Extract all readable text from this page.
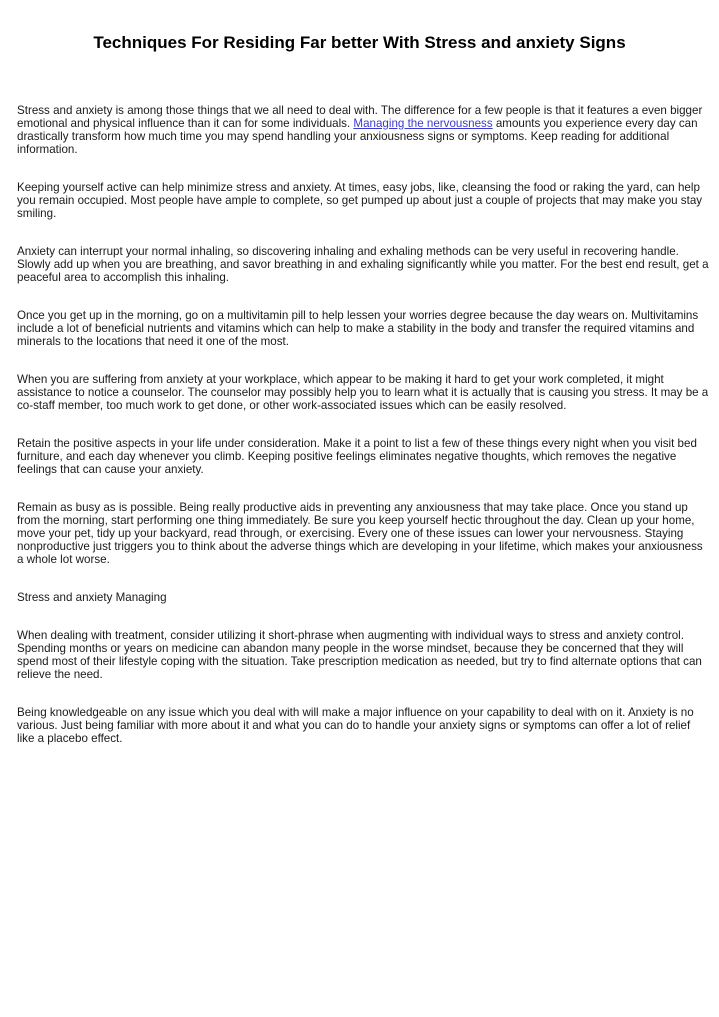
Techniques For Residing Far better With Stress and anxiety Signs

Stress and anxiety is among those things that we all need to deal with. The difference for a few people is that it features a even bigger emotional and physical influence than it can for some individuals. Managing the nervousness amounts you experience every day can drastically transform how much time you may spend handling your anxiousness signs or symptoms. Keep reading for additional information.

Keeping yourself active can help minimize stress and anxiety. At times, easy jobs, like, cleansing the food or raking the yard, can help you remain occupied. Most people have ample to complete, so get pumped up about just a couple of projects that may make you stay smiling.

Anxiety can interrupt your normal inhaling, so discovering inhaling and exhaling methods can be very useful in recovering handle. Slowly add up when you are breathing, and savor breathing in and exhaling significantly while you matter. For the best end result, get a peaceful area to accomplish this inhaling.

Once you get up in the morning, go on a multivitamin pill to help lessen your worries degree because the day wears on. Multivitamins include a lot of beneficial nutrients and vitamins which can help to make a stability in the body and transfer the required vitamins and minerals to the locations that need it one of the most.

When you are suffering from anxiety at your workplace, which appear to be making it hard to get your work completed, it might assistance to notice a counselor. The counselor may possibly help you to learn what it is actually that is causing you stress. It may be a co-staff member, too much work to get done, or other work-associated issues which can be easily resolved.

Retain the positive aspects in your life under consideration. Make it a point to list a few of these things every night when you visit bed furniture, and each day whenever you climb. Keeping positive feelings eliminates negative thoughts, which removes the negative feelings that can cause your anxiety.

Remain as busy as is possible. Being really productive aids in preventing any anxiousness that may take place. Once you stand up from the morning, start performing one thing immediately. Be sure you keep yourself hectic throughout the day. Clean up your home, move your pet, tidy up your backyard, read through, or exercising. Every one of these issues can lower your nervousness. Staying nonproductive just triggers you to think about the adverse things which are developing in your lifetime, which makes your anxiousness a whole lot worse.

Stress and anxiety Managing

When dealing with treatment, consider utilizing it short-phrase when augmenting with individual ways to stress and anxiety control. Spending months or years on medicine can abandon many people in the worse mindset, because they be concerned that they will spend most of their lifestyle coping with the situation. Take prescription medication as needed, but try to find alternate options that can relieve the need.

Being knowledgeable on any issue which you deal with will make a major influence on your capability to deal with on it. Anxiety is no various. Just being familiar with more about it and what you can do to handle your anxiety signs or symptoms can offer a lot of relief like a placebo effect.
